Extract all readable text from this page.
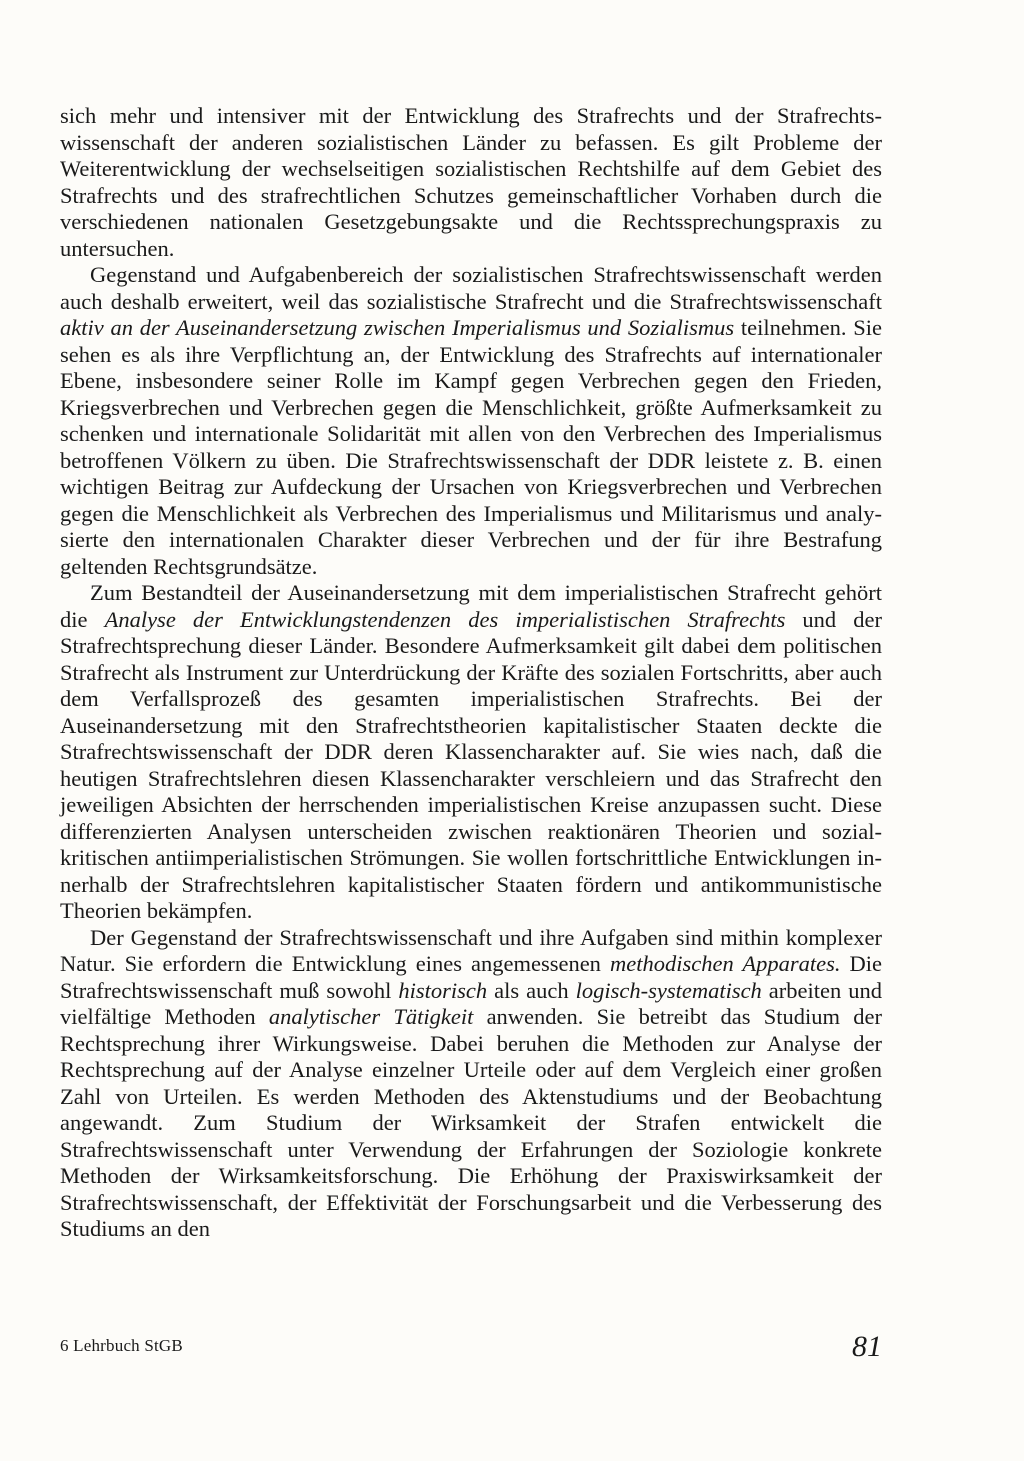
sich mehr und intensiver mit der Entwicklung des Strafrechts und der Strafrechtswissenschaft der anderen sozialistischen Länder zu befassen. Es gilt Probleme der Weiterentwicklung der wechselseitigen sozialistischen Rechtshilfe auf dem Gebiet des Strafrechts und des strafrechtlichen Schutzes gemeinschaftlicher Vorhaben durch die verschiedenen nationalen Gesetzgebungsakte und die Rechtssprechungspraxis zu untersuchen.

Gegenstand und Aufgabenbereich der sozialistischen Strafrechtswissenschaft werden auch deshalb erweitert, weil das sozialistische Strafrecht und die Strafrechtswissenschaft aktiv an der Auseinandersetzung zwischen Imperialismus und Sozialismus teilnehmen. Sie sehen es als ihre Verpflichtung an, der Entwicklung des Strafrechts auf internationaler Ebene, insbesondere seiner Rolle im Kampf gegen Verbrechen gegen den Frieden, Kriegsverbrechen und Verbrechen gegen die Menschlichkeit, größte Aufmerksamkeit zu schenken und internationale Solidarität mit allen von den Verbrechen des Imperialismus betroffenen Völkern zu üben. Die Strafrechtswissenschaft der DDR leistete z. B. einen wichtigen Beitrag zur Aufdeckung der Ursachen von Kriegsverbrechen und Verbrechen gegen die Menschlichkeit als Verbrechen des Imperialismus und Militarismus und analysierte den internationalen Charakter dieser Verbrechen und der für ihre Bestrafung geltenden Rechtsgrundsätze.

Zum Bestandteil der Auseinandersetzung mit dem imperialistischen Strafrecht gehört die Analyse der Entwicklungstendenzen des imperialistischen Strafrechts und der Strafrechtsprechung dieser Länder. Besondere Aufmerksamkeit gilt dabei dem politischen Strafrecht als Instrument zur Unterdrückung der Kräfte des sozialen Fortschritts, aber auch dem Verfallsprozeß des gesamten imperialistischen Strafrechts. Bei der Auseinandersetzung mit den Strafrechtstheorien kapitalistischer Staaten deckte die Strafrechtswissenschaft der DDR deren Klassencharakter auf. Sie wies nach, daß die heutigen Strafrechtslehren diesen Klassencharakter verschleiern und das Strafrecht den jeweiligen Absichten der herrschenden imperialistischen Kreise anzupassen sucht. Diese differenzierten Analysen unterscheiden zwischen reaktionären Theorien und sozial-kritischen antiimperialistischen Strömungen. Sie wollen fortschrittliche Entwicklungen innerhalb der Strafrechtslehren kapitalistischer Staaten fördern und antikommunistische Theorien bekämpfen.

Der Gegenstand der Strafrechtswissenschaft und ihre Aufgaben sind mithin komplexer Natur. Sie erfordern die Entwicklung eines angemessenen methodischen Apparates. Die Strafrechtswissenschaft muß sowohl historisch als auch logisch-systematisch arbeiten und vielfältige Methoden analytischer Tätigkeit anwenden. Sie betreibt das Studium der Rechtsprechung ihrer Wirkungsweise. Dabei beruhen die Methoden zur Analyse der Rechtsprechung auf der Analyse einzelner Urteile oder auf dem Vergleich einer großen Zahl von Urteilen. Es werden Methoden des Aktenstudiums und der Beobachtung angewandt. Zum Studium der Wirksamkeit der Strafen entwickelt die Strafrechtswissenschaft unter Verwendung der Erfahrungen der Soziologie konkrete Methoden der Wirksamkeitsforschung. Die Erhöhung der Praxiswirksamkeit der Strafrechtswissenschaft, der Effektivität der Forschungsarbeit und die Verbesserung des Studiums an den

6 Lehrbuch StGB	81
